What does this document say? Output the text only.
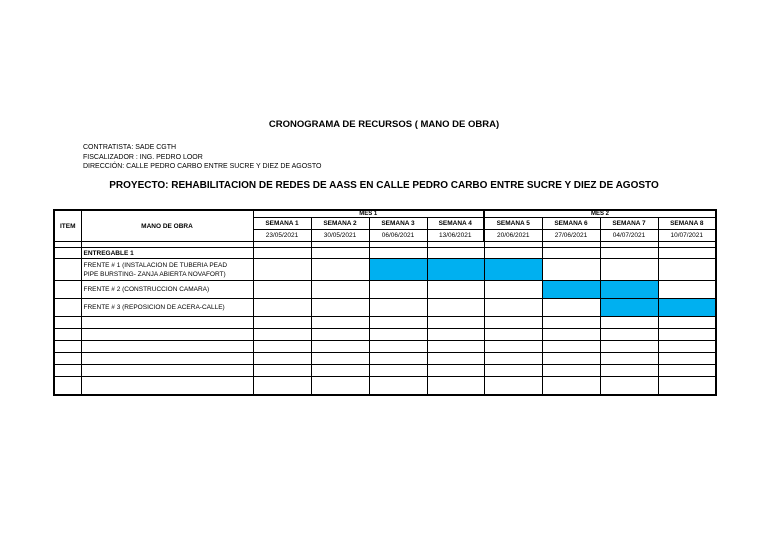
CRONOGRAMA DE RECURSOS ( MANO DE OBRA)
CONTRATISTA: SADE CGTH
FISCALIZADOR : ING. PEDRO LOOR
DIRECCIÓN: CALLE PEDRO CARBO ENTRE SUCRE Y DIEZ DE AGOSTO
PROYECTO: REHABILITACION DE REDES DE AASS EN CALLE PEDRO CARBO ENTRE SUCRE Y DIEZ DE AGOSTO
ITEM	MANO DE OBRA	MES 1				MES 2			
		SEMANA 1	SEMANA 2	SEMANA 3	SEMANA 4	SEMANA 5	SEMANA 6	SEMANA 7	SEMANA 8
		23/05/2021	30/05/2021	06/06/2021	13/06/2021	20/06/2021	27/06/2021	04/07/2021	10/07/2021

	ENTREGABLE 1								

	FRENTE # 1 (INSTALACION DE TUBERIA PEAD
PIPE BURSTING- ZANJA ABIERTA NOVAFORT)								

	FRENTE # 2 (CONSTRUCCION CAMARA)								
	FRENTE # 3 (REPOSICION DE ACERA-CALLE)								
